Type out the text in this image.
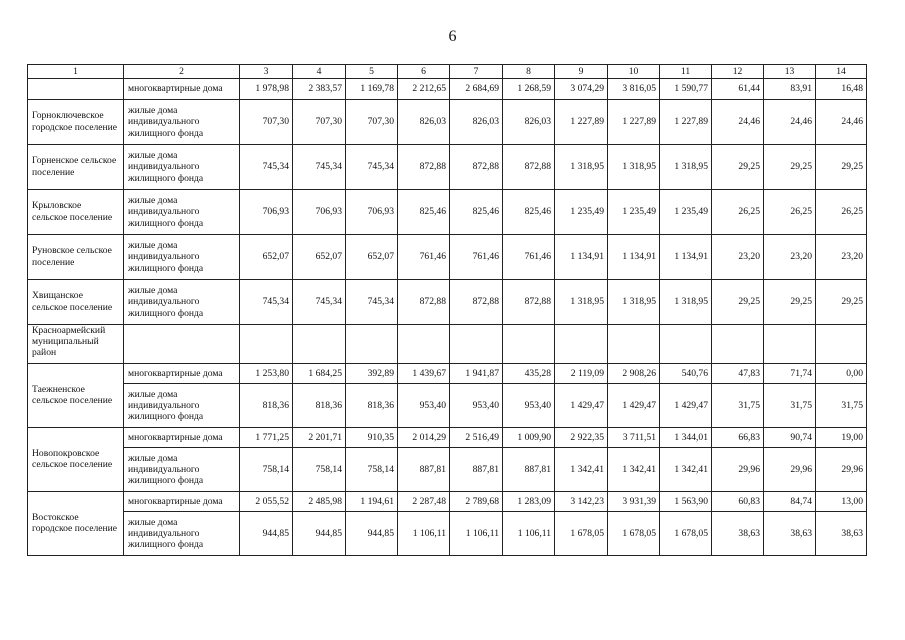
6
1	2	3	4	5	6	7	8	9	10	11	12	13	14
	многоквартирные дома	1 978,98	2 383,57	1 169,78	2 212,65	2 684,69	1 268,59	3 074,29	3 816,05	1 590,77	61,44	83,91	16,48
Горноключевское городское поселение	жилые дома индивидуального жилищного фонда	707,30	707,30	707,30	826,03	826,03	826,03	1 227,89	1 227,89	1 227,89	24,46	24,46	24,46
Горненское сельское поселение	жилые дома индивидуального жилищного фонда	745,34	745,34	745,34	872,88	872,88	872,88	1 318,95	1 318,95	1 318,95	29,25	29,25	29,25
Крыловское сельское поселение	жилые дома индивидуального жилищного фонда	706,93	706,93	706,93	825,46	825,46	825,46	1 235,49	1 235,49	1 235,49	26,25	26,25	26,25
Руновское сельское поселение	жилые дома индивидуального жилищного фонда	652,07	652,07	652,07	761,46	761,46	761,46	1 134,91	1 134,91	1 134,91	23,20	23,20	23,20
Хвищанское сельское поселение	жилые дома индивидуального жилищного фонда	745,34	745,34	745,34	872,88	872,88	872,88	1 318,95	1 318,95	1 318,95	29,25	29,25	29,25
Красноармейский муниципальный район													
Таежненское сельское поселение	многоквартирные дома	1 253,80	1 684,25	392,89	1 439,67	1 941,87	435,28	2 119,09	2 908,26	540,76	47,83	71,74	0,00
	жилые дома индивидуального жилищного фонда	818,36	818,36	818,36	953,40	953,40	953,40	1 429,47	1 429,47	1 429,47	31,75	31,75	31,75
Новопокровское сельское поселение	многоквартирные дома	1 771,25	2 201,71	910,35	2 014,29	2 516,49	1 009,90	2 922,35	3 711,51	1 344,01	66,83	90,74	19,00
	жилые дома индивидуального жилищного фонда	758,14	758,14	758,14	887,81	887,81	887,81	1 342,41	1 342,41	1 342,41	29,96	29,96	29,96
Востокское городское поселение	многоквартирные дома	2 055,52	2 485,98	1 194,61	2 287,48	2 789,68	1 283,09	3 142,23	3 931,39	1 563,90	60,83	84,74	13,00
	жилые дома индивидуального жилищного фонда	944,85	944,85	944,85	1 106,11	1 106,11	1 106,11	1 678,05	1 678,05	1 678,05	38,63	38,63	38,63
